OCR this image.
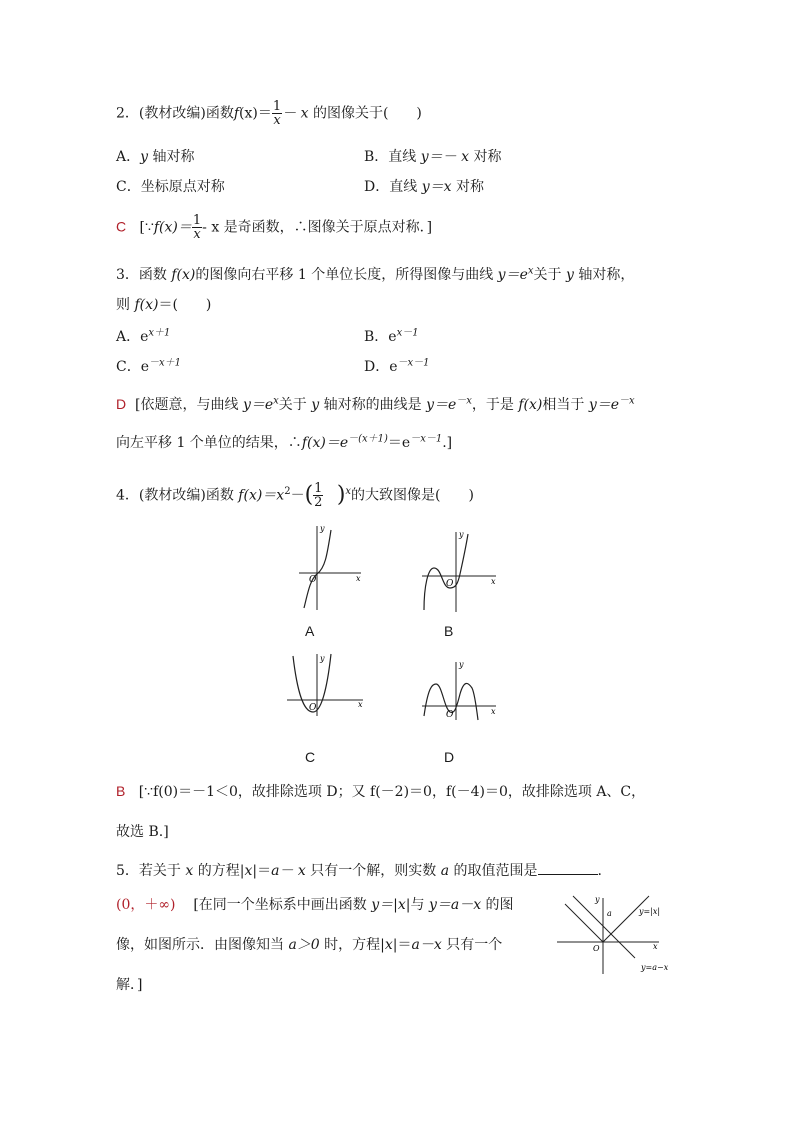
2．(教材改编)函数$f(x)= \frac{1}{x} - x$ 的图像关于(　　)
A．y 轴对称	B．直线 y＝－ x 对称
C．坐标原点对称	D．直线 y＝x 对称
C [∵f(x)＝ $\frac{1}{x}$ - x 是奇函数，∴图像关于原点对称．]
3．函数 f(x)的图像向右平移 1 个单位长度，所得图像与曲线 $y=e^x$关于 y 轴对称，
则 f(x)＝(　　)
A．$e^{x+1}$	B．$e^{x-1}$
C．$e^{-x+1}$	D．$e^{-x-1}$
D [依题意，与曲线 $y=e^x$关于 y 轴对称的曲线是 $y=e^{-x}$，于是 f(x)相当于 $y=e^{-x}$
向左平移 1 个单位的结果，$\therefore f(x)=e^{-(x+1)}=e^{-x-1}$.]
4．(教材改编)函数 $f(x)=x^2-( \frac{1}{2} )^x$的大致图像是(　　)
x
y
O
A
x
y
O
B
x
y
O
C
x
y
O
D
B [∵f(0)＝－1＜0，故排除选项 D；又 f(－2)＝0，f(－4)＝0，故排除选项 A、C，
故选 B.]
5．若关于 x 的方程|x|＝a－ x 只有一个解，则实数 a 的取值范围是	.
(0，＋∞) [在同一个坐标系中画出函数 y＝|x|与 y＝a－x 的图
像，如图所示．由图像知当 a＞0 时，方程|x|＝a－x 只有一个
解．]
y
a
x
O
y=|x|
y=a−x
